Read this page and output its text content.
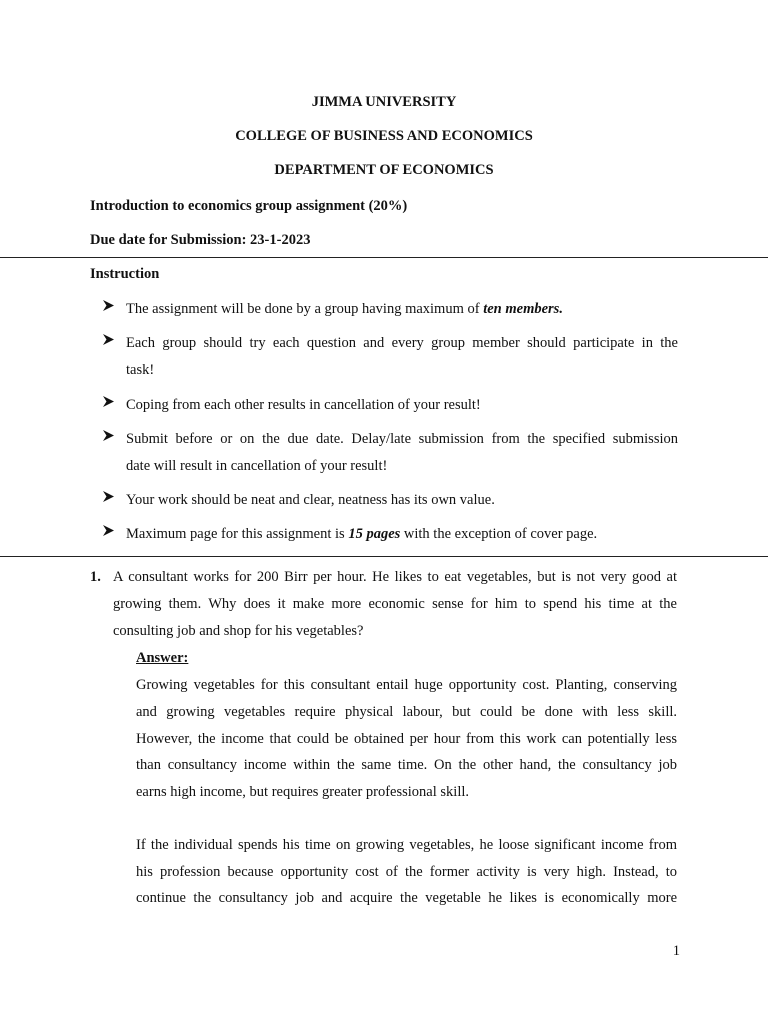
JIMMA UNIVERSITY
COLLEGE OF BUSINESS AND ECONOMICS
DEPARTMENT OF ECONOMICS
Introduction to economics group assignment (20%)
Due date for Submission: 23-1-2023
Instruction
The assignment will be done by a group having maximum of ten members.
Each group should try each question and every group member should participate in the
task!
Coping from each other results in cancellation of your result!
Submit before or on the due date. Delay/late submission from the specified submission
date will result in cancellation of your result!
Your work should be neat and clear, neatness has its own value.
Maximum page for this assignment is 15 pages with the exception of cover page.
1. A consultant works for 200 Birr per hour. He likes to eat vegetables, but is not very good at
growing them. Why does it make more economic sense for him to spend his time at the
consulting job and shop for his vegetables?
Answer:
Growing vegetables for this consultant entail huge opportunity cost. Planting, conserving
and growing vegetables require physical labour, but could be done with less skill.
However, the income that could be obtained per hour from this work can potentially less
than consultancy income within the same time. On the other hand, the consultancy job
earns high income, but requires greater professional skill.
If the individual spends his time on growing vegetables, he loose significant income from
his profession because opportunity cost of the former activity is very high. Instead, to
continue the consultancy job and acquire the vegetable he likes is economically more
1
